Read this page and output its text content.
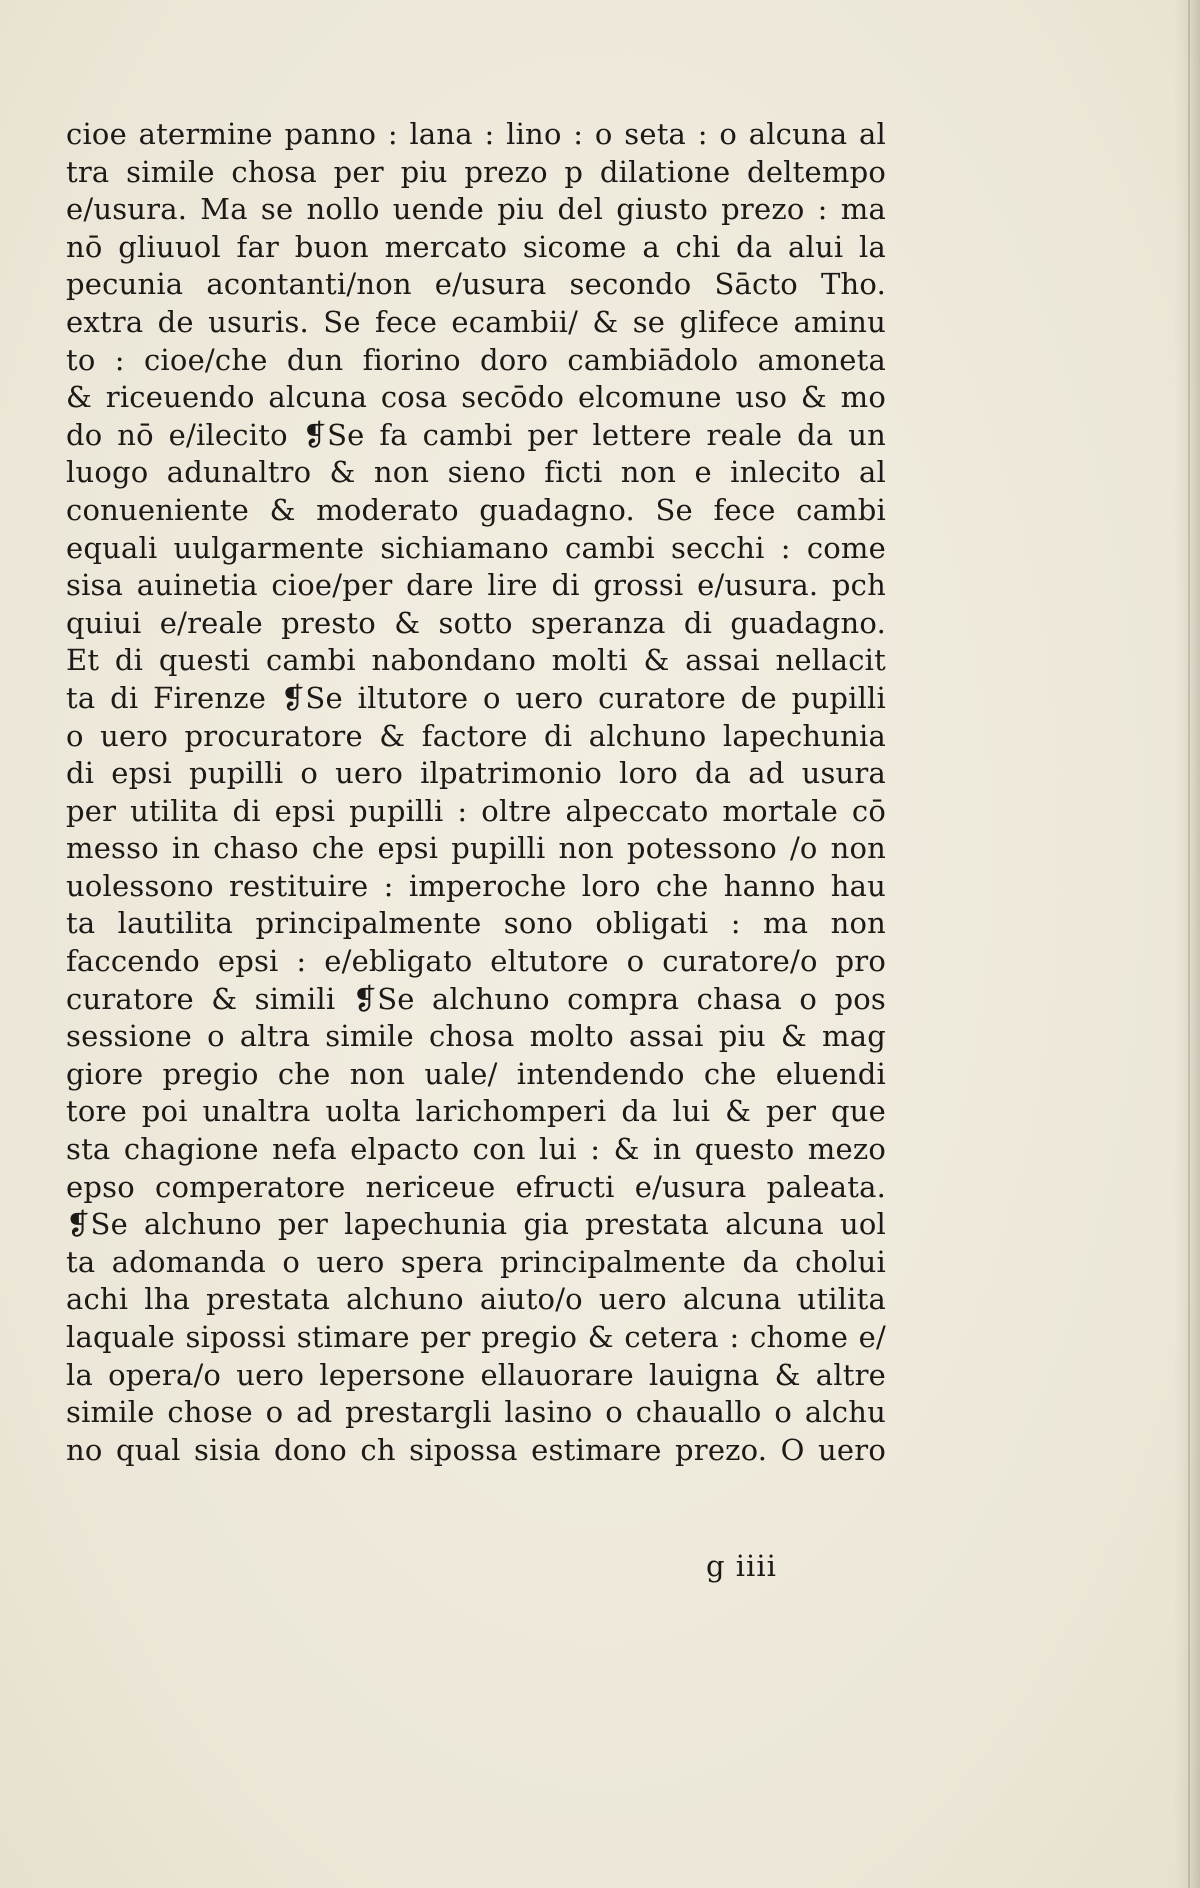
cioe atermine panno : lana : lino : o seta : o alcuna al
tra simile chosa per piu prezo p dilatione deltempo
e/usura. Ma se nollo uende piu del giusto prezo : ma
nō gliuuol far buon mercato sicome a chi da alui la
pecunia acontanti/non e/usura secondo Sācto Tho.
extra de usuris. Se fece ecambii/ & se glifece aminu
to : cioe/che dun fiorino doro cambiādolo amoneta
& riceuendo alcuna cosa secōdo elcomune uso & mo
do nō e/ilecito ❡Se fa cambi per lettere reale da un
luogo adunaltro & non sieno ficti non e inlecito al
conueniente & moderato guadagno. Se fece cambi
equali uulgarmente sichiamano cambi secchi : come
sisa auinetia cioe/per dare lire di grossi e/usura. pch
quiui e/reale presto & sotto speranza di guadagno.
Et di questi cambi nabondano molti & assai nellacit
ta di Firenze ❡Se iltutore o uero curatore de pupilli
o uero procuratore & factore di alchuno lapechunia
di epsi pupilli o uero ilpatrimonio loro da ad usura
per utilita di epsi pupilli : oltre alpeccato mortale cō
messo in chaso che epsi pupilli non potessono /o non
uolessono restituire : imperoche loro che hanno hau
ta lautilita principalmente sono obligati : ma non
faccendo epsi : e/ebligato eltutore o curatore/o pro
curatore & simili ❡Se alchuno compra chasa o pos
sessione o altra simile chosa molto assai piu & mag
giore pregio che non uale/ intendendo che eluendi
tore poi unaltra uolta larichomperi da lui & per que
sta chagione nefa elpacto con lui : & in questo mezo
epso comperatore nericeue efructi e/usura paleata.
❡Se alchuno per lapechunia gia prestata alcuna uol
ta adomanda o uero spera principalmente da cholui
achi lha prestata alchuno aiuto/o uero alcuna utilita
laquale sipossi stimare per pregio & cetera : chome e/
la opera/o uero lepersone ellauorare lauigna & altre
simile chose o ad prestargli lasino o chauallo o alchu
no qual sisia dono ch sipossa estimare prezo. O uero
g iiii
